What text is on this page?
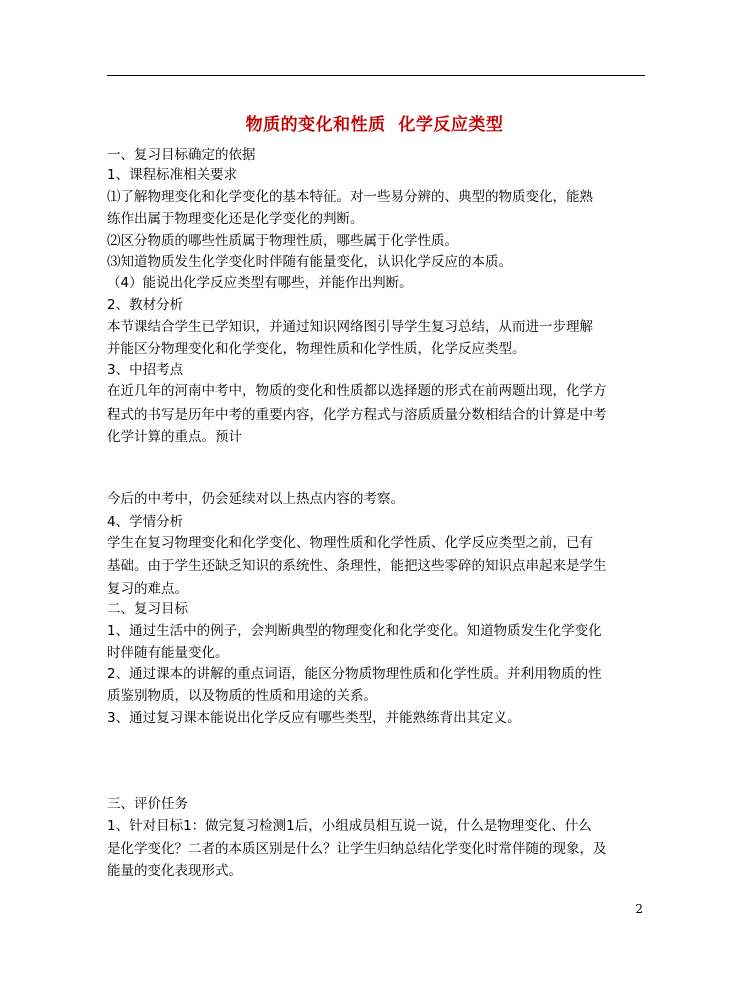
物质的变化和性质  化学反应类型
一、复习目标确定的依据
1、课程标准相关要求
⑴了解物理变化和化学变化的基本特征。对一些易分辨的、典型的物质变化，能熟
练作出属于物理变化还是化学变化的判断。
⑵区分物质的哪些性质属于物理性质，哪些属于化学性质。
⑶知道物质发生化学变化时伴随有能量变化，认识化学反应的本质。
（4）能说出化学反应类型有哪些，并能作出判断。
2、教材分析
本节课结合学生已学知识，并通过知识网络图引导学生复习总结，从而进一步理解
并能区分物理变化和化学变化，物理性质和化学性质，化学反应类型。
3、中招考点
在近几年的河南中考中，物质的变化和性质都以选择题的形式在前两题出现，化学方
程式的书写是历年中考的重要内容，化学方程式与溶质质量分数相结合的计算是中考
化学计算的重点。预计
今后的中考中，仍会延续对以上热点内容的考察。
4、学情分析
学生在复习物理变化和化学变化、物理性质和化学性质、化学反应类型之前，已有
基础。由于学生还缺乏知识的系统性、条理性，能把这些零碎的知识点串起来是学生
复习的难点。
二、复习目标
1、通过生活中的例子，会判断典型的物理变化和化学变化。知道物质发生化学变化
时伴随有能量变化。
2、通过课本的讲解的重点词语，能区分物质物理性质和化学性质。并利用物质的性
质鉴别物质，以及物质的性质和用途的关系。
3、通过复习课本能说出化学反应有哪些类型，并能熟练背出其定义。
三、评价任务
1、针对目标1：做完复习检测1后，小组成员相互说一说，什么是物理变化、什么
是化学变化？二者的本质区别是什么？让学生归纳总结化学变化时常伴随的现象，及
能量的变化表现形式。
2
